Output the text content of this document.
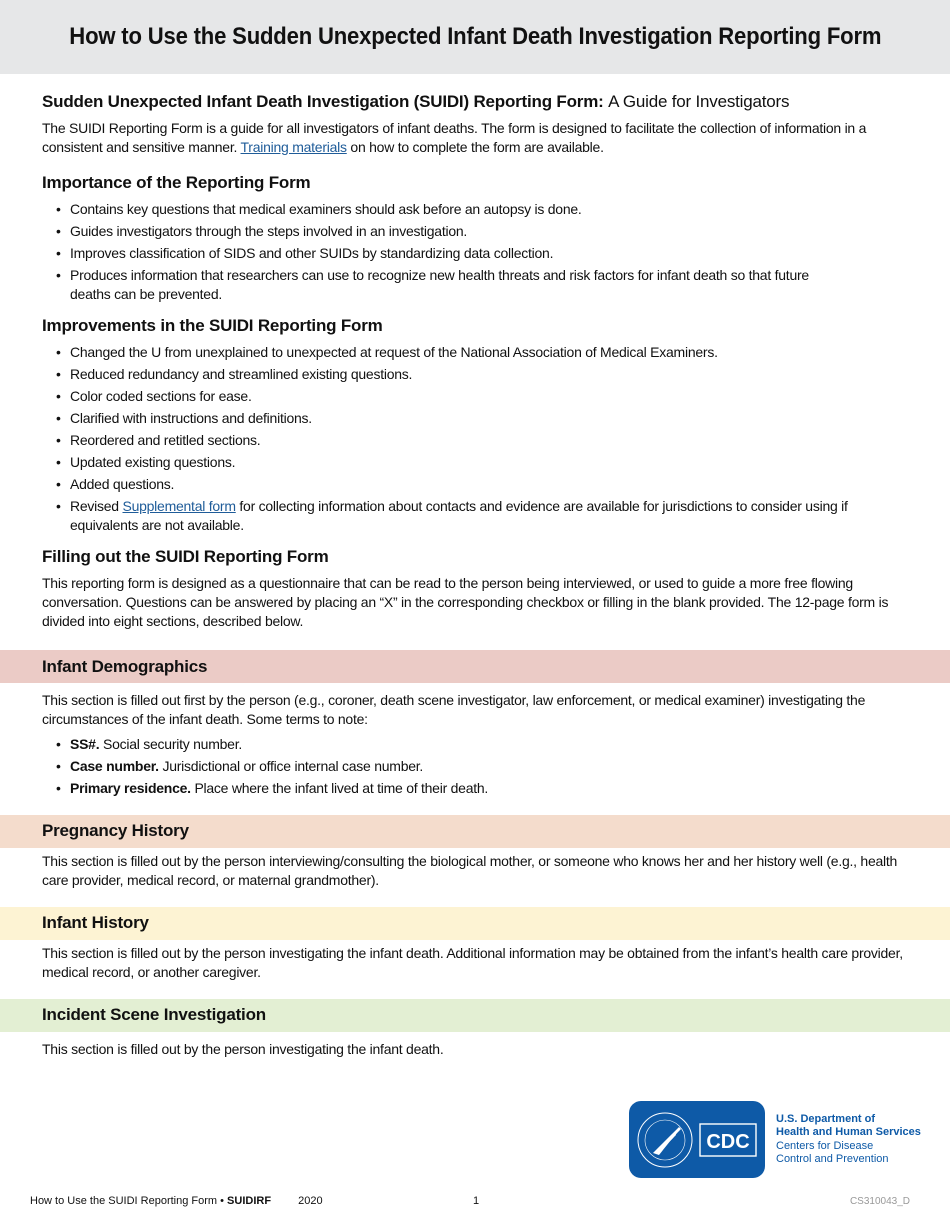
How to Use the Sudden Unexpected Infant Death Investigation Reporting Form
Sudden Unexpected Infant Death Investigation (SUIDI) Reporting Form: A Guide for Investigators

The SUIDI Reporting Form is a guide for all investigators of infant deaths. The form is designed to facilitate the collection of information in a consistent and sensitive manner. Training materials on how to complete the form are available.

Importance of the Reporting Form
• Contains key questions that medical examiners should ask before an autopsy is done.
• Guides investigators through the steps involved in an investigation.
• Improves classification of SIDS and other SUIDs by standardizing data collection.
• Produces information that researchers can use to recognize new health threats and risk factors for infant death so that future deaths can be prevented.
Improvements in the SUIDI Reporting Form
• Changed the U from unexplained to unexpected at request of the National Association of Medical Examiners.
• Reduced redundancy and streamlined existing questions.
• Color coded sections for ease.
• Clarified with instructions and definitions.
• Reordered and retitled sections.
• Updated existing questions.
• Added questions.
• Revised Supplemental form for collecting information about contacts and evidence are available for jurisdictions to consider using if equivalents are not available.
Filling out the SUIDI Reporting Form

This reporting form is designed as a questionnaire that can be read to the person being interviewed, or used to guide a more free flowing conversation. Questions can be answered by placing an “X” in the corresponding checkbox or filling in the blank provided. The 12-page form is divided into eight sections, described below.

Infant Demographics

This section is filled out first by the person (e.g., coroner, death scene investigator, law enforcement, or medical examiner) investigating the circumstances of the infant death. Some terms to note:

• SS#. Social security number.
• Case number. Jurisdictional or office internal case number.
• Primary residence. Place where the infant lived at time of their death.
Pregnancy History

This section is filled out by the person interviewing/consulting the biological mother, or someone who knows her and her history well (e.g., health care provider, medical record, or maternal grandmother).

Infant History

This section is filled out by the person investigating the infant death. Additional information may be obtained from the infant’s health care provider, medical record, or another caregiver.

Incident Scene Investigation

This section is filled out by the person investigating the infant death.

CDC
U.S. Department of
Health and Human Services
Centers for Disease
Control and Prevention
How to Use the SUIDI Reporting Form • SUIDIRF 2020	1	CS310043_D
